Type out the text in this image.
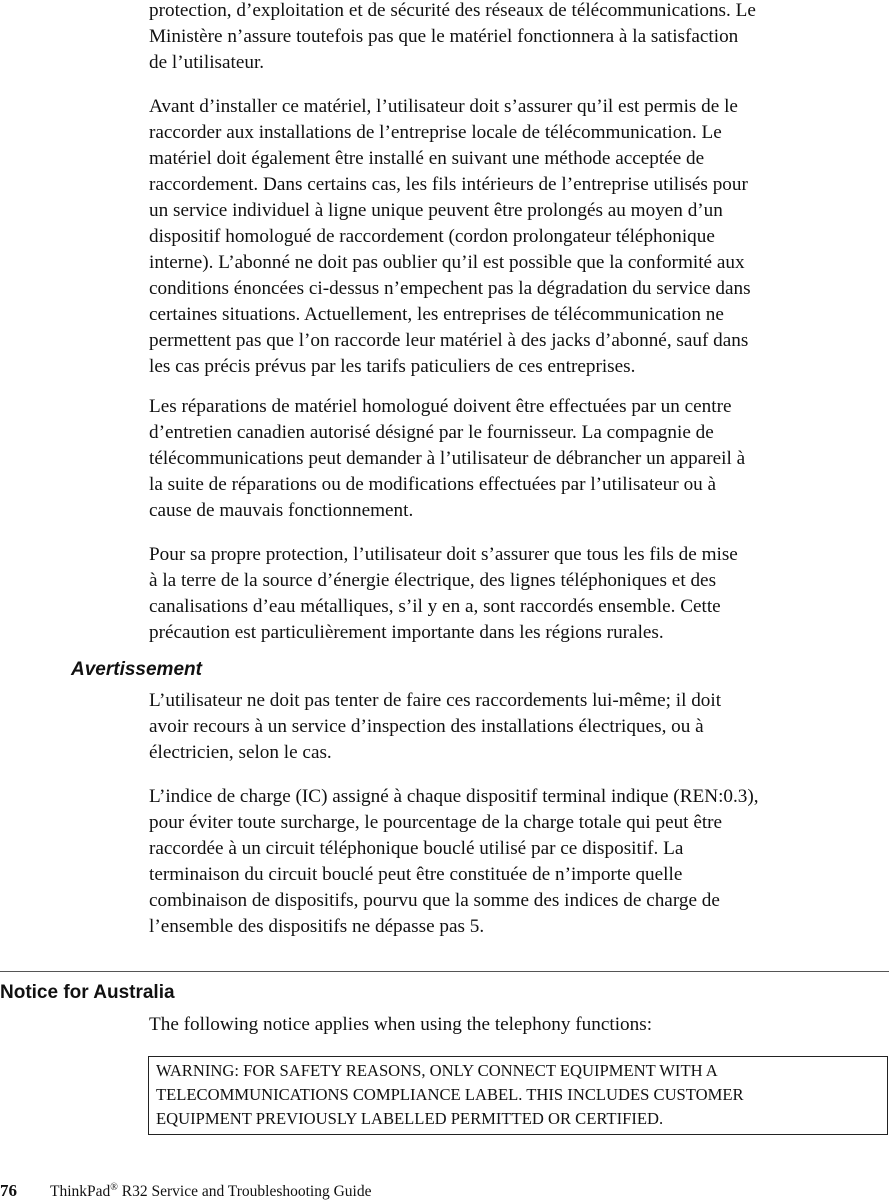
protection, d’exploitation et de sécurité des réseaux de télécommunications. Le
Ministère n’assure toutefois pas que le matériel fonctionnera à la satisfaction
de l’utilisateur.

Avant d’installer ce matériel, l’utilisateur doit s’assurer qu’il est permis de le
raccorder aux installations de l’entreprise locale de télécommunication. Le
matériel doit également être installé en suivant une méthode acceptée de
raccordement. Dans certains cas, les fils intérieurs de l’entreprise utilisés pour
un service individuel à ligne unique peuvent être prolongés au moyen d’un
dispositif homologué de raccordement (cordon prolongateur téléphonique
interne). L’abonné ne doit pas oublier qu’il est possible que la conformité aux
conditions énoncées ci-dessus n’empechent pas la dégradation du service dans
certaines situations. Actuellement, les entreprises de télécommunication ne
permettent pas que l’on raccorde leur matériel à des jacks d’abonné, sauf dans
les cas précis prévus par les tarifs paticuliers de ces entreprises.

Les réparations de matériel homologué doivent être effectuées par un centre
d’entretien canadien autorisé désigné par le fournisseur. La compagnie de
télécommunications peut demander à l’utilisateur de débrancher un appareil à
la suite de réparations ou de modifications effectuées par l’utilisateur ou à
cause de mauvais fonctionnement.

Pour sa propre protection, l’utilisateur doit s’assurer que tous les fils de mise
à la terre de la source d’énergie électrique, des lignes téléphoniques et des
canalisations d’eau métalliques, s’il y en a, sont raccordés ensemble. Cette
précaution est particulièrement importante dans les régions rurales.

Avertissement

L’utilisateur ne doit pas tenter de faire ces raccordements lui-même; il doit
avoir recours à un service d’inspection des installations électriques, ou à
électricien, selon le cas.

L’indice de charge (IC) assigné à chaque dispositif terminal indique (REN:0.3),
pour éviter toute surcharge, le pourcentage de la charge totale qui peut être
raccordée à un circuit téléphonique bouclé utilisé par ce dispositif. La
terminaison du circuit bouclé peut être constituée de n’importe quelle
combinaison de dispositifs, pourvu que la somme des indices de charge de
l’ensemble des dispositifs ne dépasse pas 5.

Notice for Australia

The following notice applies when using the telephony functions:

WARNING: FOR SAFETY REASONS, ONLY CONNECT EQUIPMENT WITH A
TELECOMMUNICATIONS COMPLIANCE LABEL. THIS INCLUDES CUSTOMER
EQUIPMENT PREVIOUSLY LABELLED PERMITTED OR CERTIFIED.
76 ThinkPad® R32 Service and Troubleshooting Guide
